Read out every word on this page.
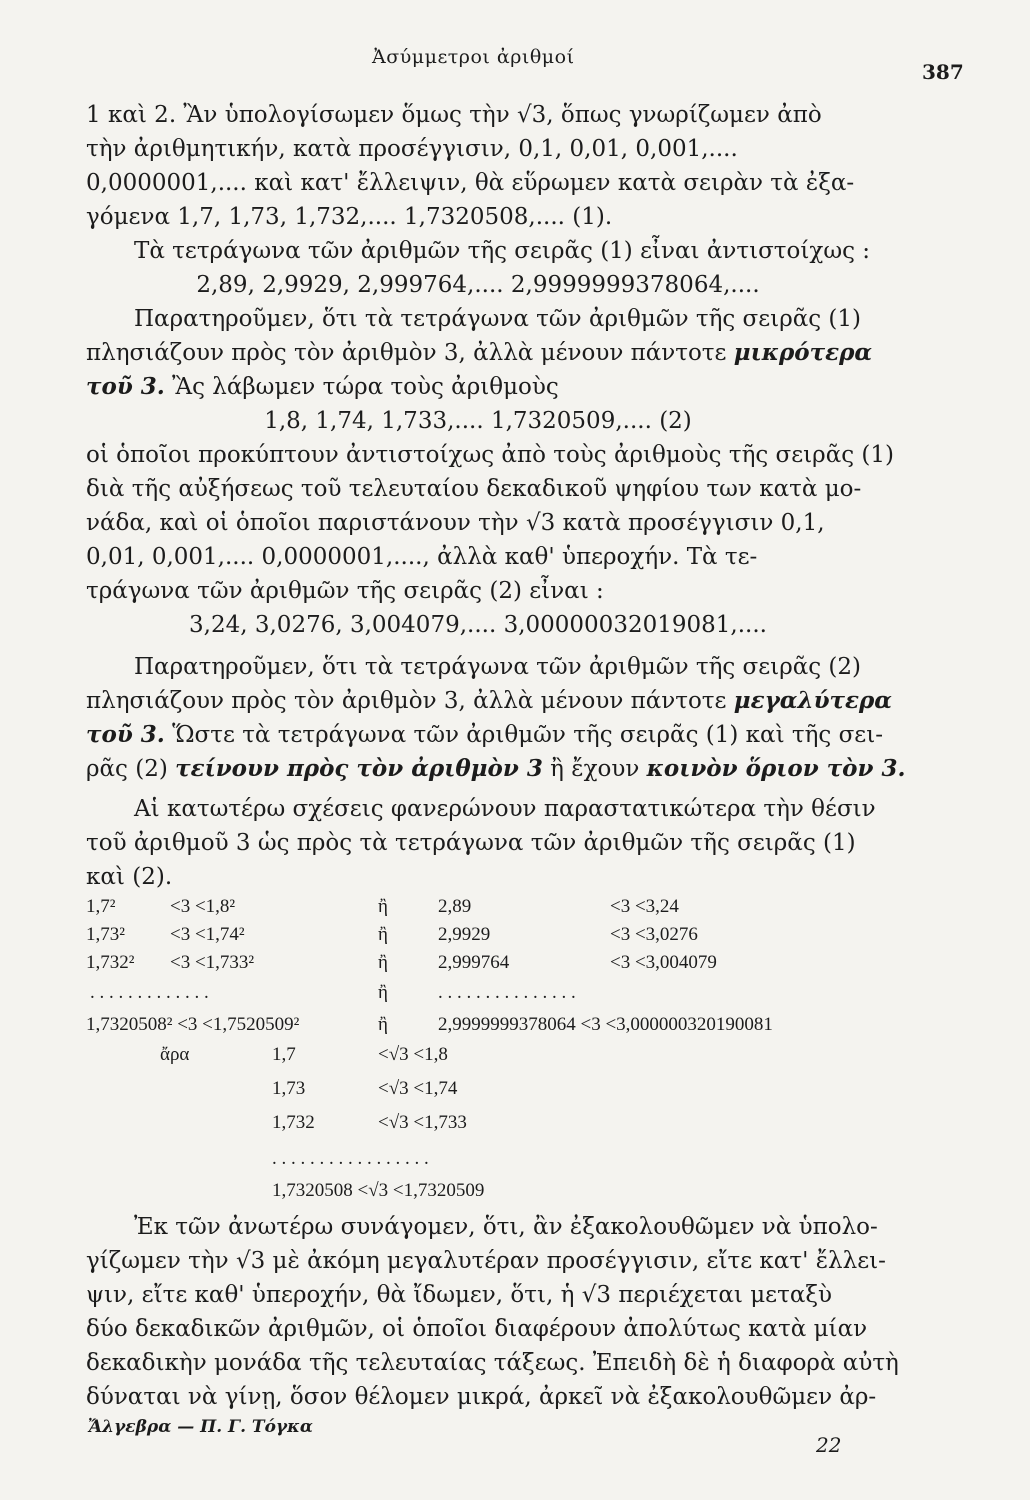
Ἀσύμμετροι ἀριθμοί
387
1 καὶ 2. Ἂν ὑπολογίσωμεν ὅμως τὴν √3, ὅπως γνωρίζωμεν ἀπὸ
τὴν ἀριθμητικήν, κατὰ προσέγγισιν, 0,1, 0,01, 0,001,....
0,0000001,.... καὶ κατ' ἔλλειψιν, θὰ εὕρωμεν κατὰ σειρὰν τὰ ἐξα-
γόμενα 1,7, 1,73, 1,732,.... 1,7320508,.... (1).
Τὰ τετράγωνα τῶν ἀριθμῶν τῆς σειρᾶς (1) εἶναι ἀντιστοίχως :
2,89, 2,9929, 2,999764,.... 2,9999999378064,....
Παρατηροῦμεν, ὅτι τὰ τετράγωνα τῶν ἀριθμῶν τῆς σειρᾶς (1)
πλησιάζουν πρὸς τὸν ἀριθμὸν 3, ἀλλὰ μένουν πάντοτε μικρότερα
τοῦ 3. Ἂς λάβωμεν τώρα τοὺς ἀριθμοὺς
1,8, 1,74, 1,733,.... 1,7320509,.... (2)
οἱ ὁποῖοι προκύπτουν ἀντιστοίχως ἀπὸ τοὺς ἀριθμοὺς τῆς σειρᾶς (1)
διὰ τῆς αὐξήσεως τοῦ τελευταίου δεκαδικοῦ ψηφίου των κατὰ μο-
νάδα, καὶ οἱ ὁποῖοι παριστάνουν τὴν √3 κατὰ προσέγγισιν 0,1,
0,01, 0,001,.... 0,0000001,...., ἀλλὰ καθ' ὑπεροχήν. Τὰ τε-
τράγωνα τῶν ἀριθμῶν τῆς σειρᾶς (2) εἶναι :
3,24, 3,0276, 3,004079,.... 3,00000032019081,....
Παρατηροῦμεν, ὅτι τὰ τετράγωνα τῶν ἀριθμῶν τῆς σειρᾶς (2)
πλησιάζουν πρὸς τὸν ἀριθμὸν 3, ἀλλὰ μένουν πάντοτε μεγαλύτερα
τοῦ 3. Ὥστε τὰ τετράγωνα τῶν ἀριθμῶν τῆς σειρᾶς (1) καὶ τῆς σει-
ρᾶς (2) τείνουν πρὸς τὸν ἀριθμὸν 3 ἢ ἔχουν κοινὸν ὅριον τὸν 3.
Αἱ κατωτέρω σχέσεις φανερώνουν παραστατικώτερα τὴν θέσιν
τοῦ ἀριθμοῦ 3 ὡς πρὸς τὰ τετράγωνα τῶν ἀριθμῶν τῆς σειρᾶς (1)
καὶ (2).
1,7²	<3 <1,8²	ἢ	2,89	<3 <3,24
1,73² <3 <1,74²	ἢ	2,9929	<3 <3,0276
1,732² <3 <1,733²	ἢ	2,999764	<3 <3,004079
. . . . . . . . . . . . .	ἢ	. . . . . . . . . . . . . . .
1,7320508² <3 <1,7520509²	ἢ	2,9999999378064 <3 <3,000000320190081
ἄρα	1,7	<√3 <1,8
1,73	<√3 <1,74
1,732	<√3 <1,733
. . . . . . . . . . . . . . . . .
1,7320508 <√3 <1,7320509
Ἐκ τῶν ἀνωτέρω συνάγομεν, ὅτι, ἂν ἐξακολουθῶμεν νὰ ὑπολο-
γίζωμεν τὴν √3 μὲ ἀκόμη μεγαλυτέραν προσέγγισιν, εἴτε κατ' ἔλλει-
ψιν, εἴτε καθ' ὑπεροχήν, θὰ ἴδωμεν, ὅτι, ἡ √3 περιέχεται μεταξὺ
δύο δεκαδικῶν ἀριθμῶν, οἱ ὁποῖοι διαφέρουν ἀπολύτως κατὰ μίαν
δεκαδικὴν μονάδα τῆς τελευταίας τάξεως. Ἐπειδὴ δὲ ἡ διαφορὰ αὐτὴ
δύναται νὰ γίνῃ, ὅσον θέλομεν μικρά, ἀρκεῖ νὰ ἐξακολουθῶμεν ἀρ-
Ἄλγεβρα — Π. Γ. Τόγκα
22
